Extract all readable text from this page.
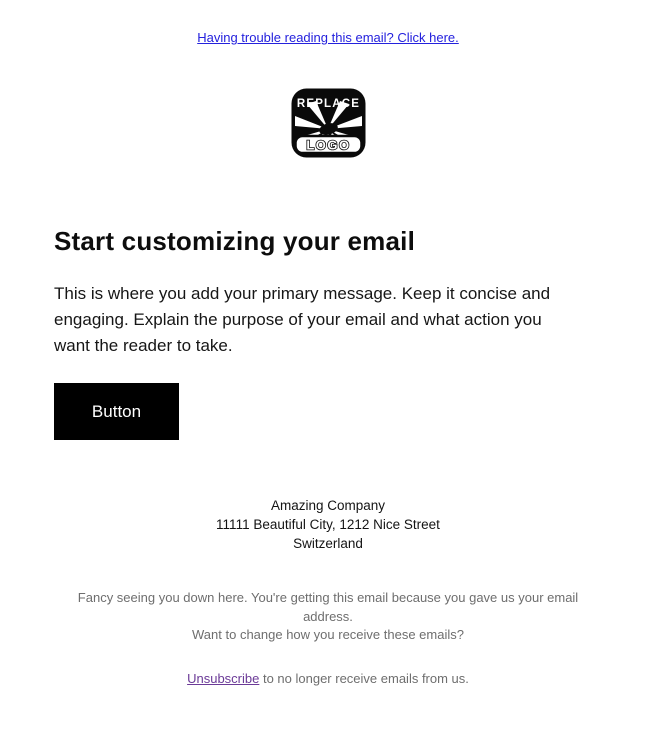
Having trouble reading this email? Click here.
REPLACE
LOGO
Start customizing your email

This is where you add your primary message. Keep it concise and engaging. Explain the purpose of your email and what action you want the reader to take.

Button
Amazing Company
11111 Beautiful City, 1212 Nice Street
Switzerland
Fancy seeing you down here. You're getting this email because you gave us your email address.
Want to change how you receive these emails?
Unsubscribe to no longer receive emails from us.
